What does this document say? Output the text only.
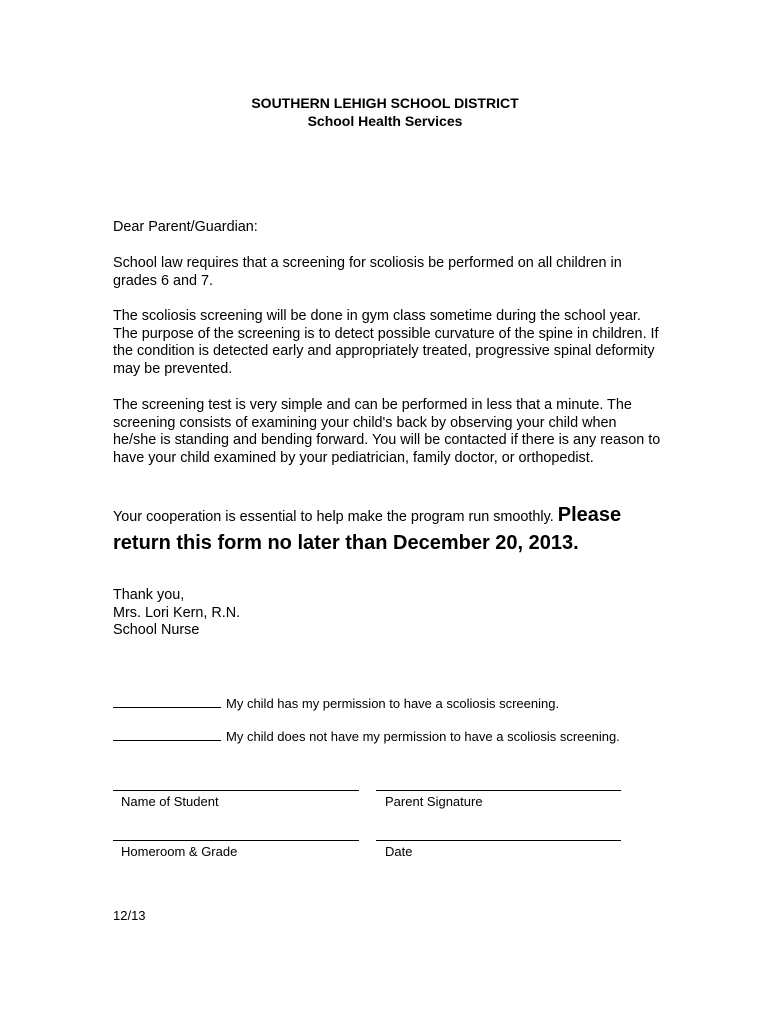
SOUTHERN LEHIGH SCHOOL DISTRICT
School Health Services

Dear Parent/Guardian:

School law requires that a screening for scoliosis be performed on all children in grades 6 and 7.

The scoliosis screening will be done in gym class sometime during the school year. The purpose of the screening is to detect possible curvature of the spine in children. If the condition is detected early and appropriately treated, progressive spinal deformity may be prevented.

The screening test is very simple and can be performed in less that a minute. The screening consists of examining your child's back by observing your child when he/she is standing and bending forward. You will be contacted if there is any reason to have your child examined by your pediatrician, family doctor, or orthopedist.

Your cooperation is essential to help make the program run smoothly. Please return this form no later than December 20, 2013.

Thank you,
Mrs. Lori Kern, R.N.
School Nurse
My child has my permission to have a scoliosis screening.
My child does not have my permission to have a scoliosis screening.
Name of Student	Parent Signature
Homeroom & Grade	Date
12/13
